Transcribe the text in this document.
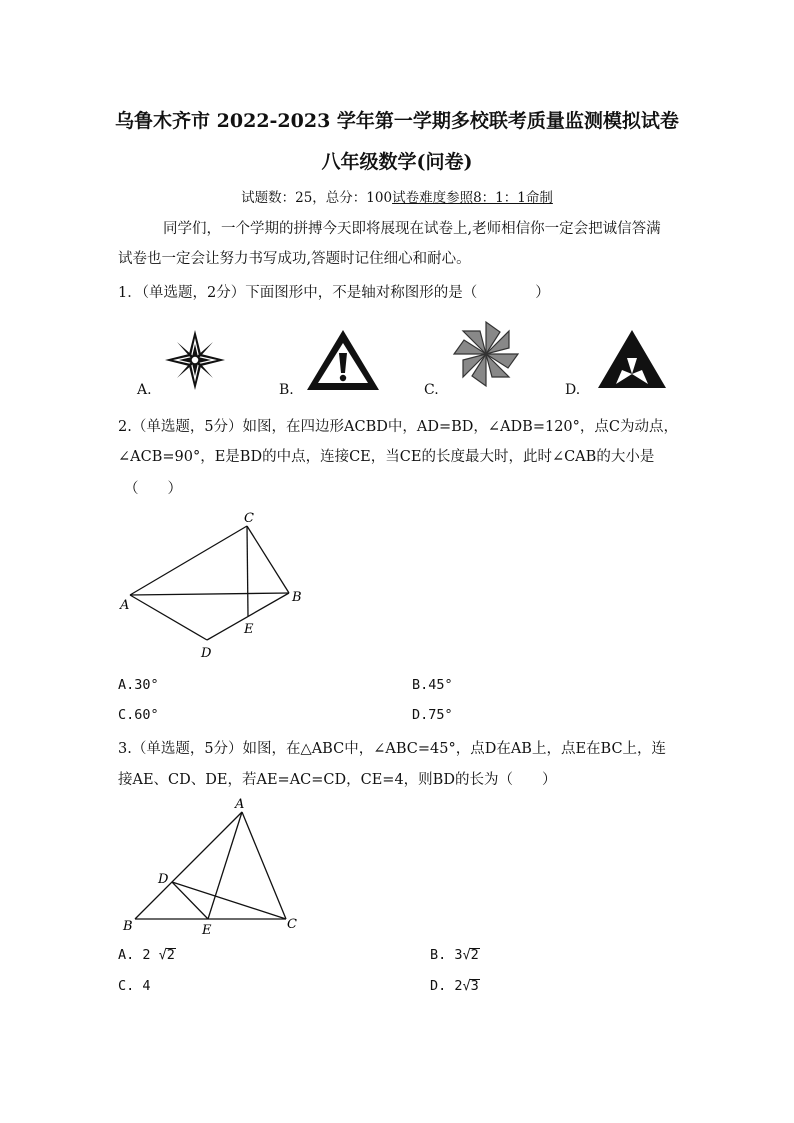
乌鲁木齐市 2022-2023 学年第一学期多校联考质量监测模拟试卷
八年级数学(问卷)
试题数：25，总分：100试卷难度参照8：1：1命制
同学们，一个学期的拼搏今天即将展现在试卷上,老师相信你一定会把诚信答满
试卷也一定会让努力书写成功,答题时记住细心和耐心。
1．（单选题，2分）下面图形中，不是轴对称图形的是（　　　　）
A.	B.	C.	D.
2.（单选题，5分）如图，在四边形ACBD中，AD=BD，∠ADB=120°，点C为动点，
∠ACB=90°，E是BD的中点，连接CE，当CE的长度最大时，此时∠CAB的大小是
（　　）
C
A
B
E
D
A.30°	B.45°
C.60°	D.75°
3.（单选题，5分）如图，在△ABC中，∠ABC=45°，点D在AB上，点E在BC上，连
接AE、CD、DE，若AE=AC=CD，CE=4，则BD的长为（　　）
A
D
B	E	C
A. 2 √2	B. 3√2
C. 4	D. 2√3
